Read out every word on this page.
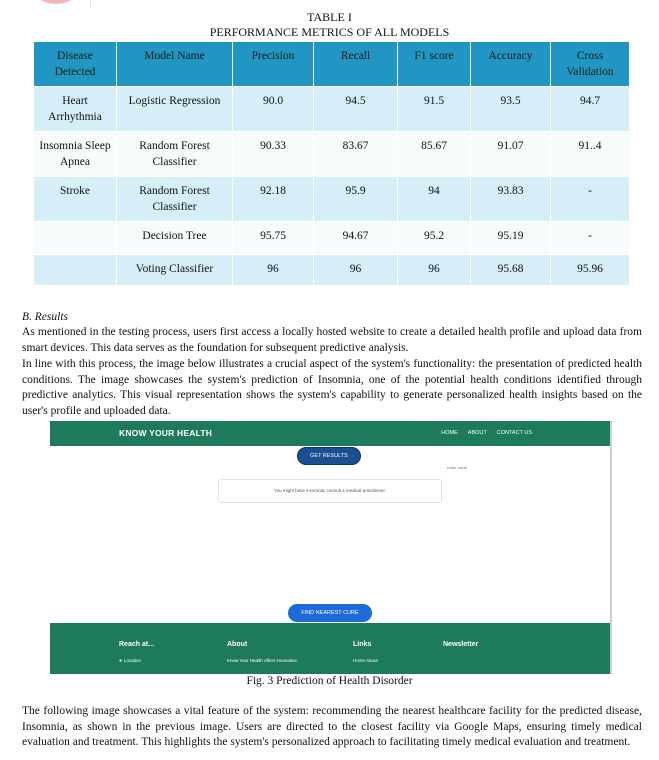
TABLE I
PERFORMANCE METRICS OF ALL MODELS
Disease Detected	Model Name	Precision	Recall	F1 score	Accuracy	Cross Validation
Heart Arrhythmia	Logistic Regression	90.0	94.5	91.5	93.5	94.7
Insomnia Sleep Apnea	Random Forest Classifier	90.33	83.67	85.67	91.07	91..4
Stroke	Random Forest Classifier	92.18	95.9	94	93.83	-
	Decision Tree	95.75	94.67	95.2	95.19	-
	Voting Classifier	96	96	96	95.68	95.96
B. Results
As mentioned in the testing process, users first access a locally hosted website to create a detailed health profile and upload data from smart devices. This data serves as the foundation for subsequent predictive analysis.
In line with this process, the image below illustrates a crucial aspect of the system's functionality: the presentation of predicted health conditions. The image showcases the system's prediction of Insomnia, one of the potential health conditions identified through predictive analytics. This visual representation shows the system's capability to generate personalized health insights based on the user's profile and uploaded data.
KNOW YOUR HEALTH	HOME ABOUT CONTACT US
GET RESULTS
You might have insomnia; consult a medical practitioner.
FIND NEAREST CURE
Reach at...
● Location
About
Know Your Health offers innovative,
Links
Home About
Newsletter
Enter email
Fig. 3 Prediction of Health Disorder
The following image showcases a vital feature of the system: recommending the nearest healthcare facility for the predicted disease, Insomnia, as shown in the previous image. Users are directed to the closest facility via Google Maps, ensuring timely medical evaluation and treatment. This highlights the system's personalized approach to facilitating timely medical evaluation and treatment.
